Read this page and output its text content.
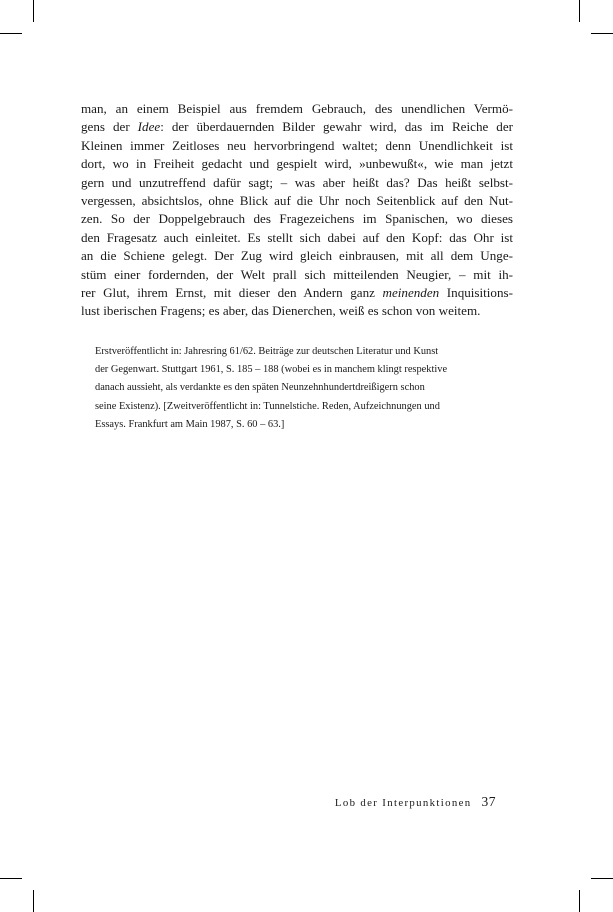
man, an einem Beispiel aus fremdem Gebrauch, des unendlichen Vermö-
gens der Idee: der überdauernden Bilder gewahr wird, das im Reiche der
Kleinen immer Zeitloses neu hervorbringend waltet; denn Unendlichkeit ist
dort, wo in Freiheit gedacht und gespielt wird, »unbewußt«, wie man jetzt
gern und unzutreffend dafür sagt; – was aber heißt das? Das heißt selbst-
vergessen, absichtslos, ohne Blick auf die Uhr noch Seitenblick auf den Nut-
zen. So der Doppelgebrauch des Fragezeichens im Spanischen, wo dieses
den Fragesatz auch einleitet. Es stellt sich dabei auf den Kopf: das Ohr ist
an die Schiene gelegt. Der Zug wird gleich einbrausen, mit all dem Unge-
stüm einer fordernden, der Welt prall sich mitteilenden Neugier, – mit ih-
rer Glut, ihrem Ernst, mit dieser den Andern ganz meinenden Inquisitions-
lust iberischen Fragens; es aber, das Dienerchen, weiß es schon von weitem.
Erstveröffentlicht in: Jahresring 61/62. Beiträge zur deutschen Literatur und Kunst
der Gegenwart. Stuttgart 1961, S. 185 – 188 (wobei es in manchem klingt respektive
danach aussieht, als verdankte es den späten Neunzehnhundertdreißigern schon
seine Existenz). [Zweitveröffentlicht in: Tunnelstiche. Reden, Aufzeichnungen und
Essays. Frankfurt am Main 1987, S. 60 – 63.]
Lob der Interpunktionen 37
